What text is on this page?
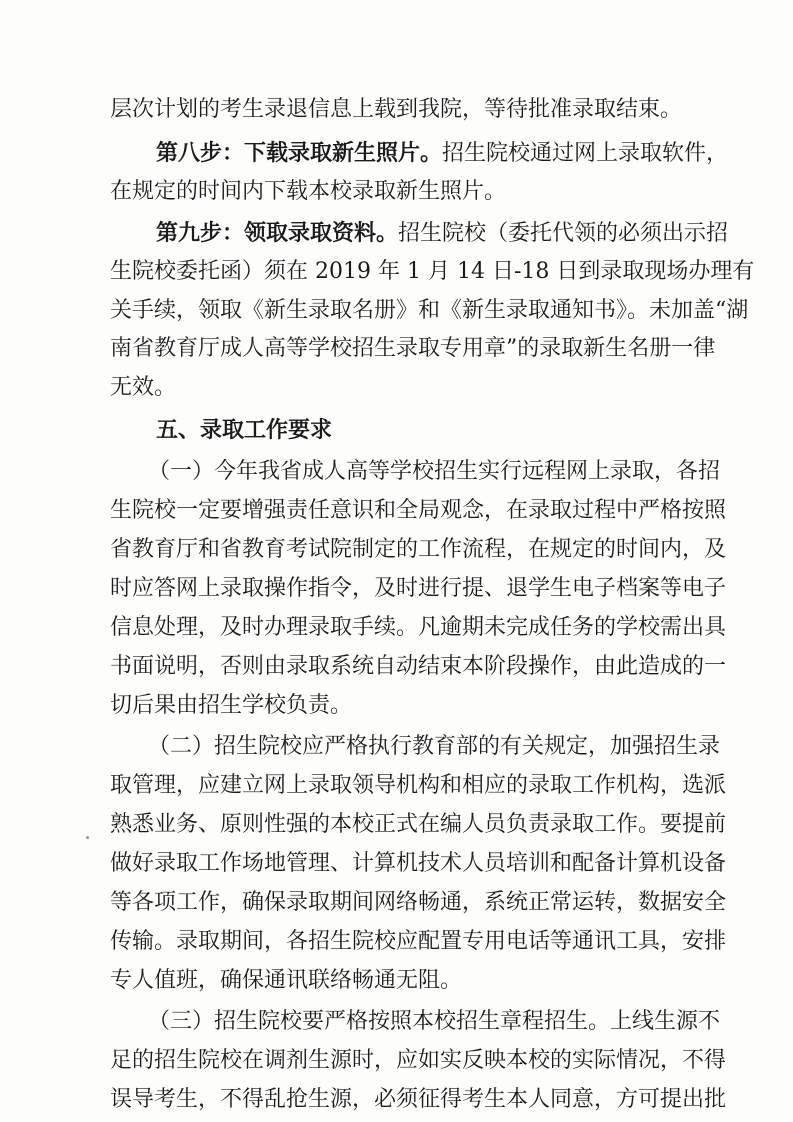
层次计划的考生录退信息上载到我院，等待批准录取结束。
第八步：下载录取新生照片。招生院校通过网上录取软件，
在规定的时间内下载本校录取新生照片。
第九步：领取录取资料。招生院校（委托代领的必须出示招
生院校委托函）须在 2019 年 1 月 14 日-18 日到录取现场办理有
关手续，领取《新生录取名册》和《新生录取通知书》。未加盖“湖
南省教育厅成人高等学校招生录取专用章”的录取新生名册一律
无效。
五、录取工作要求
（一）今年我省成人高等学校招生实行远程网上录取，各招
生院校一定要增强责任意识和全局观念，在录取过程中严格按照
省教育厅和省教育考试院制定的工作流程，在规定的时间内，及
时应答网上录取操作指令，及时进行提、退学生电子档案等电子
信息处理，及时办理录取手续。凡逾期未完成任务的学校需出具
书面说明，否则由录取系统自动结束本阶段操作，由此造成的一
切后果由招生学校负责。
（二）招生院校应严格执行教育部的有关规定，加强招生录
取管理，应建立网上录取领导机构和相应的录取工作机构，选派
熟悉业务、原则性强的本校正式在编人员负责录取工作。要提前
做好录取工作场地管理、计算机技术人员培训和配备计算机设备
等各项工作，确保录取期间网络畅通，系统正常运转，数据安全
传输。录取期间，各招生院校应配置专用电话等通讯工具，安排
专人值班，确保通讯联络畅通无阻。
（三）招生院校要严格按照本校招生章程招生。上线生源不
足的招生院校在调剂生源时，应如实反映本校的实际情况，不得
误导考生，不得乱抢生源，必须征得考生本人同意，方可提出批
